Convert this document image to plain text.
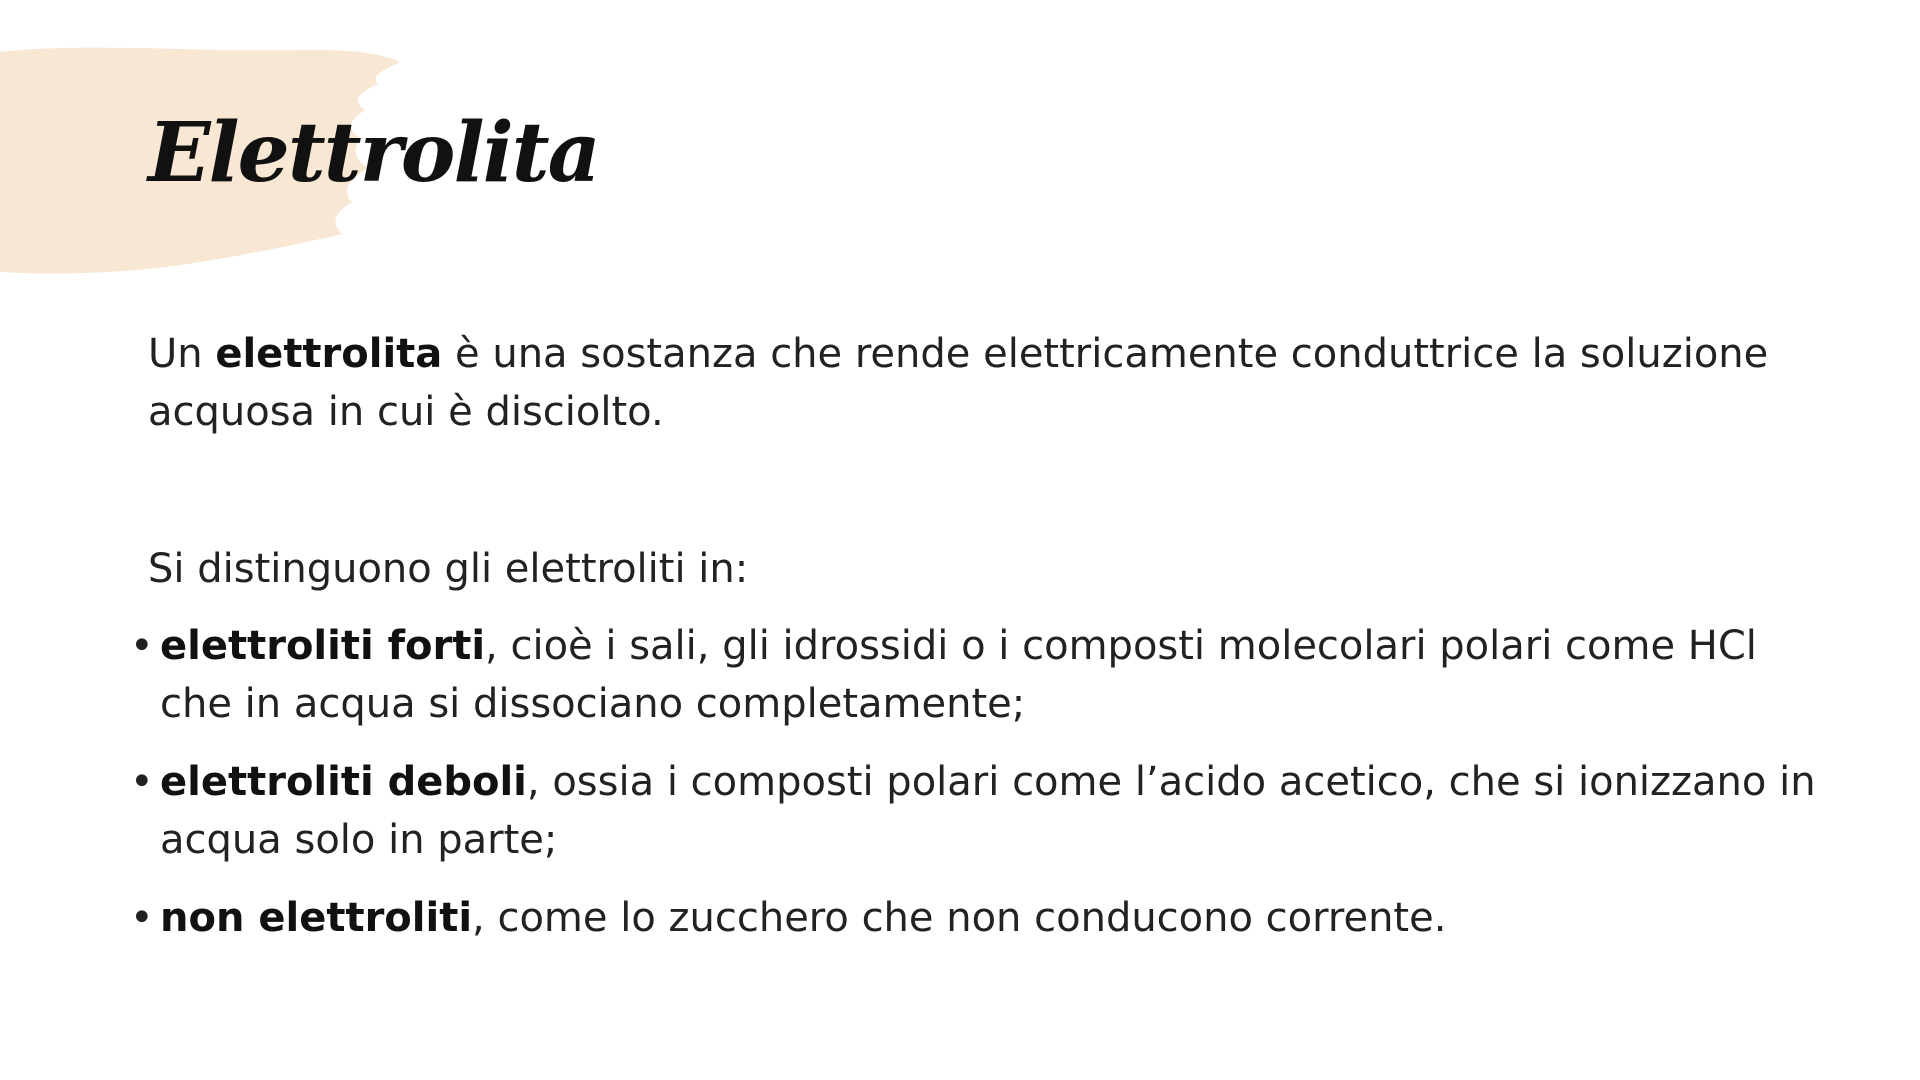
Elettrolita

Un elettrolita è una sostanza che rende elettricamente conduttrice la soluzione acquosa in cui è disciolto.

Si distinguono gli elettroliti in:

• elettroliti forti, cioè i sali, gli idrossidi o i composti molecolari polari come HCl che in acqua si dissociano completamente;
• elettroliti deboli, ossia i composti polari come l’acido acetico, che si ionizzano in acqua solo in parte;
• non elettroliti, come lo zucchero che non conducono corrente.
